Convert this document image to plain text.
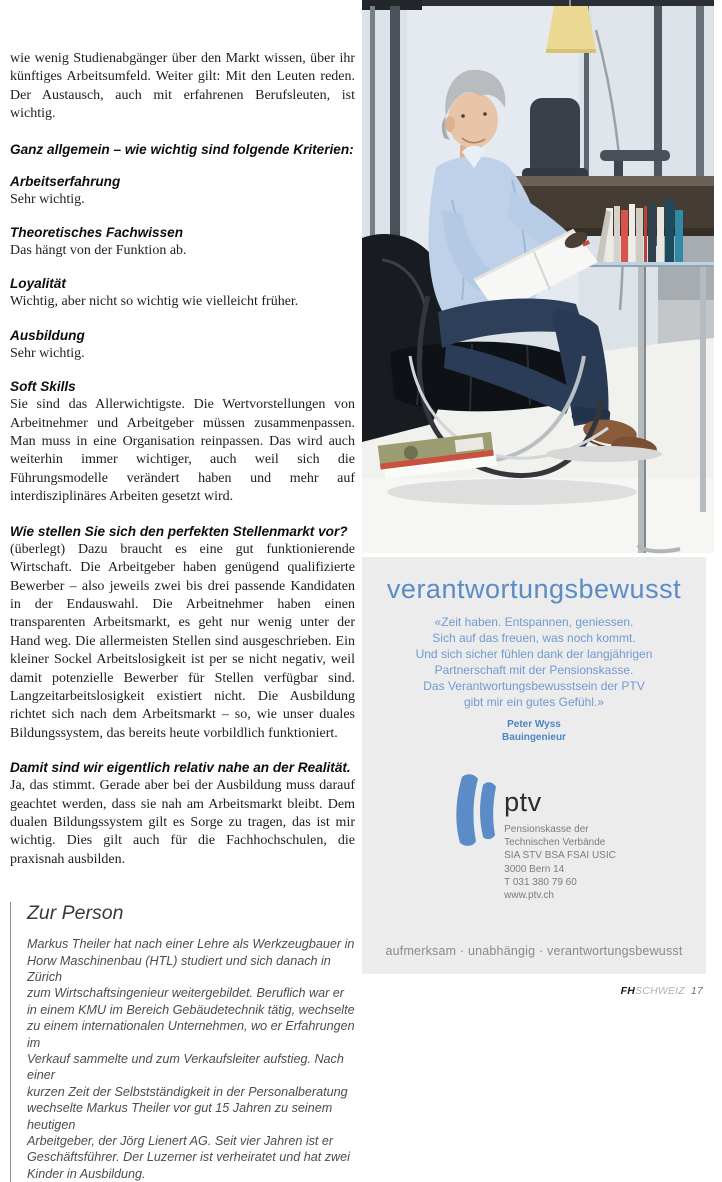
wie wenig Studienabgänger über den Markt wissen, über ihr künftiges Arbeitsumfeld. Weiter gilt: Mit den Leuten reden. Der Austausch, auch mit erfahrenen Berufsleuten, ist wichtig.

Ganz allgemein – wie wichtig sind folgende Kriterien:

Arbeitserfahrung

Sehr wichtig.

Theoretisches Fachwissen

Das hängt von der Funktion ab.

Loyalität

Wichtig, aber nicht so wichtig wie vielleicht früher.

Ausbildung

Sehr wichtig.

Soft Skills

Sie sind das Allerwichtigste. Die Wertvorstellungen von Arbeitnehmer und Arbeitgeber müssen zusammenpassen. Man muss in eine Organisation reinpassen. Das wird auch weiterhin immer wichtiger, auch weil sich die Führungsmodelle verändert haben und mehr auf interdisziplinäres Arbeiten gesetzt wird.

Wie stellen Sie sich den perfekten Stellenmarkt vor?

(überlegt) Dazu braucht es eine gut funktionierende Wirtschaft. Die Arbeitgeber haben genügend qualifizierte Bewerber – also jeweils zwei bis drei passende Kandidaten in der Endauswahl. Die Arbeitnehmer haben einen transparenten Arbeitsmarkt, es geht nur wenig unter der Hand weg. Die allermeisten Stellen sind ausgeschrieben. Ein kleiner Sockel Arbeitslosigkeit ist per se nicht negativ, weil damit potenzielle Bewerber für Stellen verfügbar sind. Langzeitarbeitslosigkeit existiert nicht. Die Ausbildung richtet sich nach dem Arbeitsmarkt – so, wie unser duales Bildungssystem, das bereits heute vorbildlich funktioniert.

Damit sind wir eigentlich relativ nahe an der Realität.

Ja, das stimmt. Gerade aber bei der Ausbildung muss darauf geachtet werden, dass sie nah am Arbeitsmarkt bleibt. Dem dualen Bildungssystem gilt es Sorge zu tragen, das ist mir wichtig. Dies gilt auch für die Fachhochschulen, die praxisnah ausbilden.

Zur Person
Markus Theiler hat nach einer Lehre als Werkzeugbauer in
Horw Maschinenbau (HTL) studiert und sich danach in Zürich
zum Wirtschaftsingenieur weitergebildet. Beruflich war er
in einem KMU im Bereich Gebäudetechnik tätig, wechselte
zu einem internationalen Unternehmen, wo er Erfahrungen im
Verkauf sammelte und zum Verkaufsleiter aufstieg. Nach einer
kurzen Zeit der Selbstständigkeit in der Personalberatung
wechselte Markus Theiler vor gut 15 Jahren zu seinem heutigen
Arbeitgeber, der Jörg Lienert AG. Seit vier Jahren ist er
Geschäftsführer. Der Luzerner ist verheiratet und hat zwei
Kinder in Ausbildung.
verantwortungsbewusst
«Zeit haben. Entspannen, geniessen.
Sich auf das freuen, was noch kommt.
Und sich sicher fühlen dank der langjährigen
Partnerschaft mit der Pensionskasse.
Das Verantwortungsbewusstsein der PTV
gibt mir ein gutes Gefühl.»
Peter Wyss
Bauingenieur
ptv
Pensionskasse der
Technischen Verbände
SIA STV BSA FSAI USIC
3000 Bern 14
T 031 380 79 60
www.ptv.ch
aufmerksam · unabhängig · verantwortungsbewusst
FHSCHWEIZ 17
